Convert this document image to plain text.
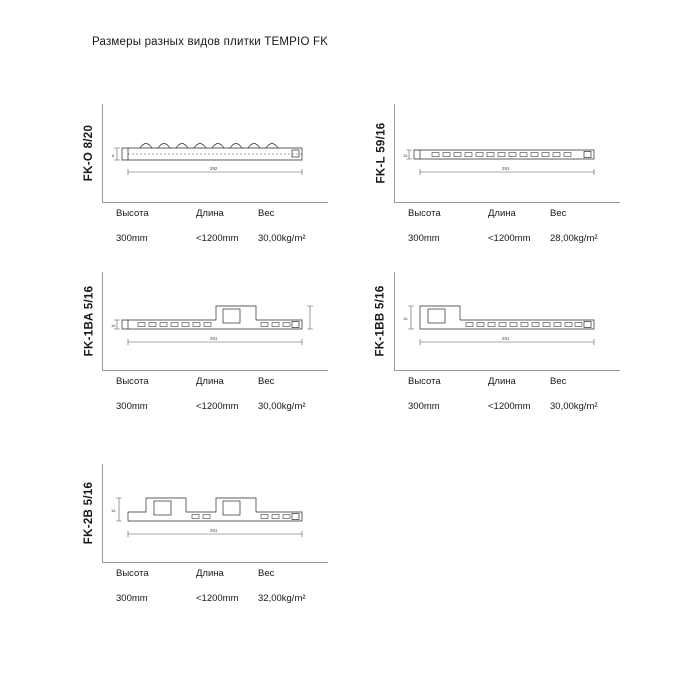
Размеры разных видов плитки TEMPIO FK
FK-O 8/20	8
292
Высота	Длина	Вес
300mm	<1200mm	30,00kg/m²
FK-L 59/16	16
291
Высота	Длина	Вес
300mm	<1200mm	28,00kg/m²
FK-1BA 5/16	16
291
Высота	Длина	Вес
300mm	<1200mm	30,00kg/m²
FK-1BB 5/16	16
291
Высота	Длина	Вес
300mm	<1200mm	30,00kg/m²
FK-2B 5/16	16
291
Высота	Длина	Вес
300mm	<1200mm	32,00kg/m²
